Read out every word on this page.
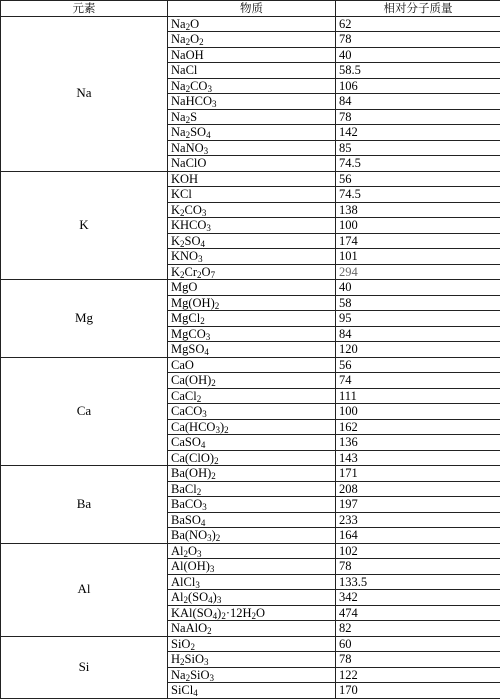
元素	物质	相对分子质量
Na	$Na_2O$	62
	$Na_2O_2$	78
	NaOH	40
	NaCl	58.5
	$Na_2CO_3$	106
	NaHCO$_3$	84
	$Na_2S$	78
	$Na_2SO_4$	142
	NaNO$_3$	85
	NaClO	74.5
K	KOH	56
	KCl	74.5
	$K_2CO_3$	138
	$KHCO_3$	100
	$K_2SO_4$	174
	$KNO_3$	101
	$K_2Cr_2O_7$	294
Mg	MgO	40
	$Mg(OH)_2$	58
	MgCl$_2$	95
	MgCO$_3$	84
	MgSO$_4$	120
Ca	CaO	56
	$Ca(OH)_2$	74
	CaCl$_2$	111
	CaCO$_3$	100
	$Ca(HCO_3)_2$	162
	CaSO$_4$	136
	$Ca(ClO)_2$	143
Ba	$Ba(OH)_2$	171
	BaCl$_2$	208
	BaCO$_3$	197
	BaSO$_4$	233
	$Ba(NO_3)_2$	164
Al	$Al_2O_3$	102
	$Al(OH)_3$	78
	AlCl$_3$	133.5
	$Al_2(SO_4)_3$	342
	$KAl(SO_4)_2\cdot 12H_2O$	474
	NaAlO$_2$	82
Si	SiO$_2$	60
	$H_2SiO_3$	78
	$Na_2SiO_3$	122
	SiCl$_4$	170
